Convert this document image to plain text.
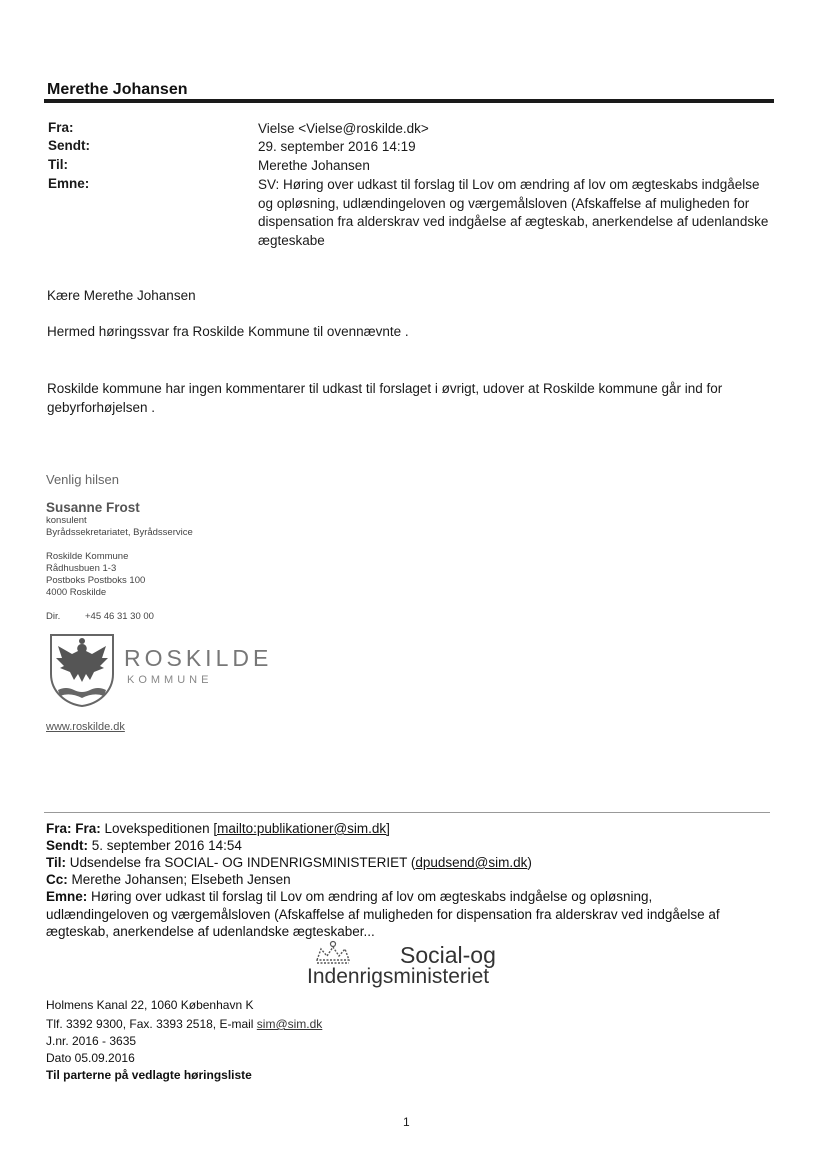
Merethe Johansen
Fra:	Vielse <Vielse@roskilde.dk>
Sendt:	29. september 2016 14:19
Til:	Merethe Johansen
Emne:	SV: Høring over udkast til forslag til Lov om ændring af lov om ægteskabs indgåelse
og opløsning, udlændingeloven og værgemålsloven (Afskaffelse af muligheden for
dispensation fra alderskrav ved indgåelse af ægteskab, anerkendelse af udenlandske
ægteskabe
Kære Merethe Johansen
Hermed høringssvar fra Roskilde Kommune til ovennævnte .
Roskilde kommune har ingen kommentarer til udkast til forslaget i øvrigt, udover at Roskilde kommune går ind for
gebyrforhøjelsen .
Venlig hilsen
Susanne Frost
konsulent
Byrådssekretariatet, Byrådsservice
Roskilde Kommune
Rådhusbuen 1-3
Postboks Postboks 100
4000 Roskilde
Dir.	+45 46 31 30 00
ROSKILDE
KOMMUNE
www.roskilde.dk
Fra: Fra: Lovekspeditionen [mailto:publikationer@sim.dk]
Sendt: 5. september 2016 14:54
Til: Udsendelse fra SOCIAL- OG INDENRIGSMINISTERIET (dpudsend@sim.dk)
Cc: Merethe Johansen; Elsebeth Jensen
Emne: Høring over udkast til forslag til Lov om ændring af lov om ægteskabs indgåelse og opløsning,
udlændingeloven og værgemålsloven (Afskaffelse af muligheden for dispensation fra alderskrav ved indgåelse af
ægteskab, anerkendelse af udenlandske ægteskaber...
Social-og
Indenrigsministeriet
Holmens Kanal 22, 1060 København K
Tlf. 3392 9300, Fax. 3393 2518, E-mail sim@sim.dk
J.nr. 2016 - 3635
Dato 05.09.2016
Til parterne på vedlagte høringsliste
1
